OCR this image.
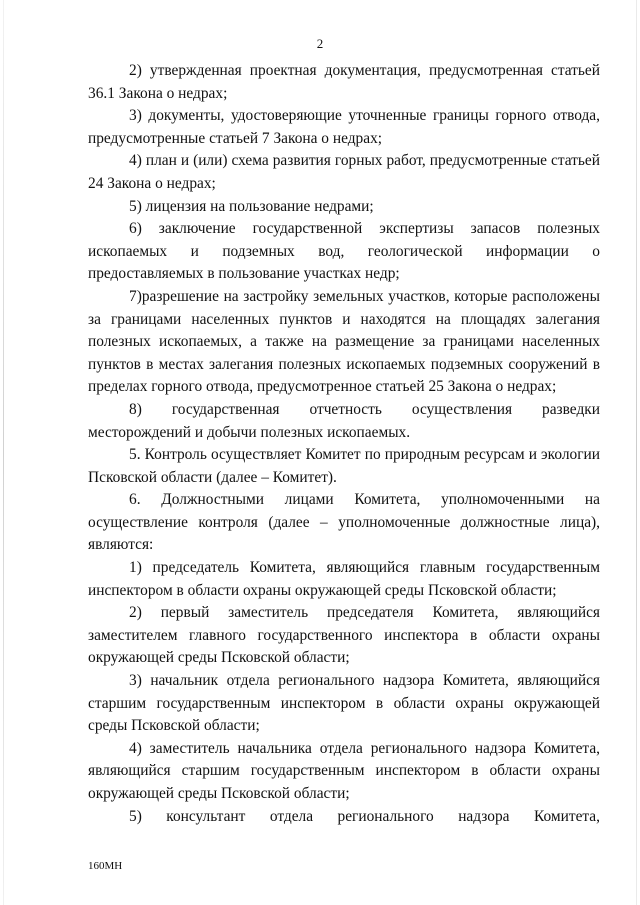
2

2) утвержденная проектная документация, предусмотренная статьей 36.1 Закона о недрах;

3) документы, удостоверяющие уточненные границы горного отвода, предусмотренные статьей 7 Закона о недрах;

4) план и (или) схема развития горных работ, предусмотренные статьей 24 Закона о недрах;

5) лицензия на пользование недрами;

6) заключение государственной экспертизы запасов полезных ископаемых и подземных вод, геологической информации о предоставляемых в пользование участках недр;

7)разрешение на застройку земельных участков, которые расположены за границами населенных пунктов и находятся на площадях залегания полезных ископаемых, а также на размещение за границами населенных пунктов в местах залегания полезных ископаемых подземных сооружений в пределах горного отвода, предусмотренное статьей 25 Закона о недрах;

8) государственная отчетность осуществления разведки месторождений и добычи полезных ископаемых.

5. Контроль осуществляет Комитет по природным ресурсам и экологии Псковской области (далее – Комитет).

6. Должностными лицами Комитета, уполномоченными на осуществление контроля (далее – уполномоченные должностные лица), являются:

1) председатель Комитета, являющийся главным государственным инспектором в области охраны окружающей среды Псковской области;

2) первый заместитель председателя Комитета, являющийся заместителем главного государственного инспектора в области охраны окружающей среды Псковской области;

3) начальник отдела регионального надзора Комитета, являющийся старшим государственным инспектором в области охраны окружающей среды Псковской области;

4) заместитель начальника отдела регионального надзора Комитета, являющийся старшим государственным инспектором в области охраны окружающей среды Псковской области;

5) консультант отдела регионального надзора Комитета,

160МН
